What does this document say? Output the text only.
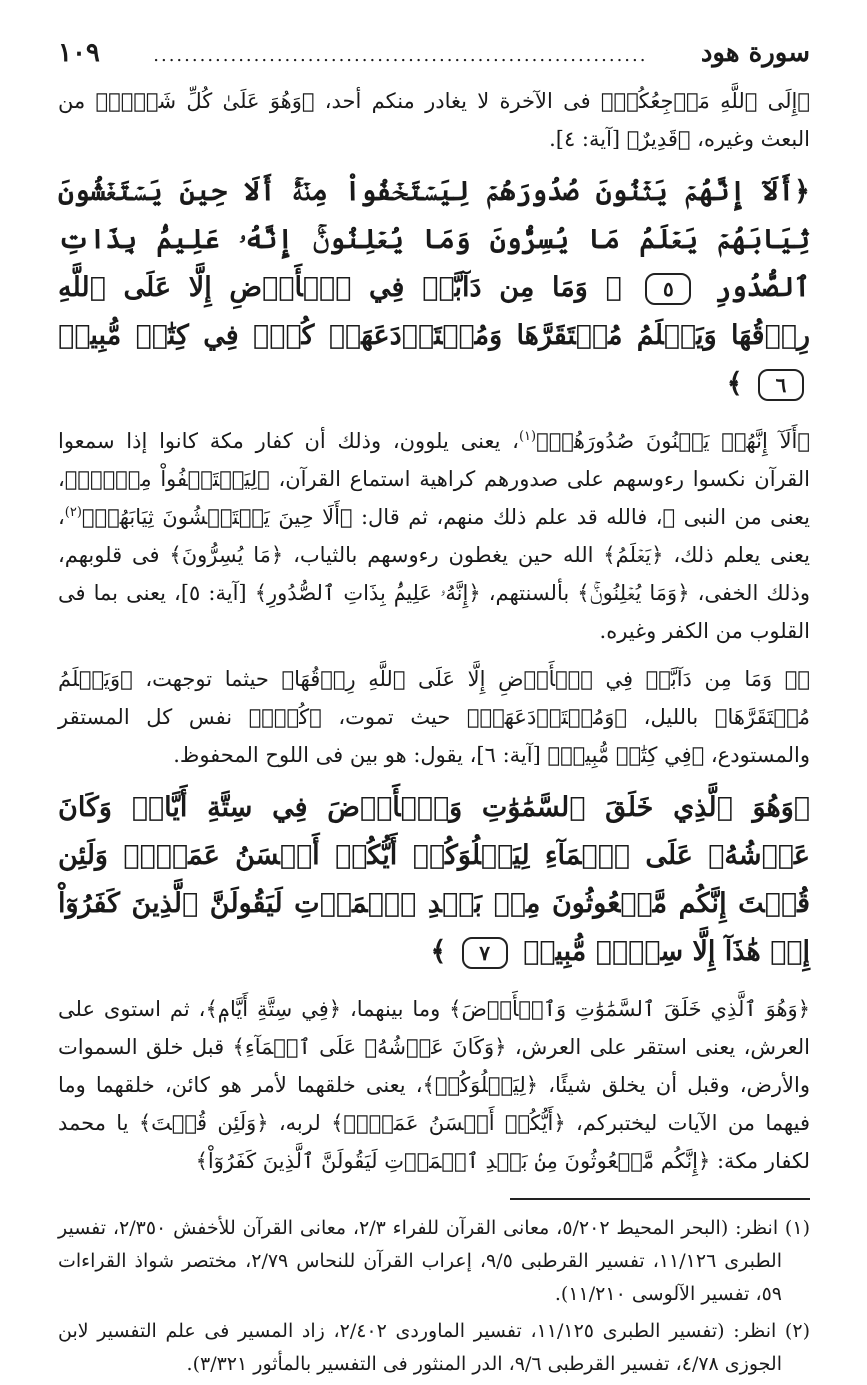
سورة هود
................................................................
١٠٩

﴿إِلَى ٱللَّهِ مَرۡجِعُكُمۡ﴾ فى الآخرة لا يغادر منكم أحد، ﴿وَهُوَ عَلَىٰ كُلِّ شَيۡءٖ﴾ من البعث وغيره، ﴿قَدِيرٌ﴾ [آية: ٤].

﴿أَلَآ إِنَّهُمۡ يَثۡنُونَ صُدُورَهُمۡ لِيَسۡتَخۡفُواْ مِنۡهُۚ أَلَا حِينَ يَسۡتَغۡشُونَ ثِيَابَهُمۡ يَعۡلَمُ مَا يُسِرُّونَ وَمَا يُعۡلِنُونَۚ إِنَّهُۥ عَلِيمُۢ بِذَاتِ ٱلصُّدُورِ ٥ ۞ وَمَا مِن دَآبَّةٖ فِي ٱلۡأَرۡضِ إِلَّا عَلَى ٱللَّهِ رِزۡقُهَا وَيَعۡلَمُ مُسۡتَقَرَّهَا وَمُسۡتَوۡدَعَهَاۚ كُلّٞ فِي كِتَٰبٖ مُّبِينٖ ٦ ﴾

﴿أَلَآ إِنَّهُمۡ يَثۡنُونَ صُدُورَهُمۡ﴾$^{(١)}$، يعنى يلوون، وذلك أن كفار مكة كانوا إذا سمعوا القرآن نكسوا رءوسهم على صدورهم كراهية استماع القرآن، ﴿لِيَسۡتَخۡفُواْ مِنۡهُۚ﴾، يعنى من النبى ﷺ، فالله قد علم ذلك منهم، ثم قال: ﴿أَلَا حِينَ يَسۡتَغۡشُونَ ثِيَابَهُمۡ﴾$^{(٢)}$، يعنى يعلم ذلك، ﴿يَعۡلَمُ﴾ الله حين يغطون رءوسهم بالثياب، ﴿مَا يُسِرُّونَ﴾ فى قلوبهم، وذلك الخفى، ﴿وَمَا يُعۡلِنُونَۚ﴾ بألسنتهم، ﴿إِنَّهُۥ عَلِيمُۢ بِذَاتِ ٱلصُّدُورِ﴾ [آية: ٥]، يعنى بما فى القلوب من الكفر وغيره.

﴿۞ وَمَا مِن دَآبَّةٖ فِي ٱلۡأَرۡضِ إِلَّا عَلَى ٱللَّهِ رِزۡقُهَا﴾ حيثما توجهت، ﴿وَيَعۡلَمُ مُسۡتَقَرَّهَا﴾ بالليل، ﴿وَمُسۡتَوۡدَعَهَاۚ﴾ حيث تموت، ﴿كُلّٞ﴾ نفس كل المستقر والمستودع، ﴿فِي كِتَٰبٖ مُّبِينٖ﴾ [آية: ٦]، يقول: هو بين فى اللوح المحفوظ.

﴿وَهُوَ ٱلَّذِي خَلَقَ ٱلسَّمَٰوَٰتِ وَٱلۡأَرۡضَ فِي سِتَّةِ أَيَّامٖ وَكَانَ عَرۡشُهُۥ عَلَى ٱلۡمَآءِ لِيَبۡلُوَكُمۡ أَيُّكُمۡ أَحۡسَنُ عَمَلٗاۗ وَلَئِن قُلۡتَ إِنَّكُم مَّبۡعُوثُونَ مِنۢ بَعۡدِ ٱلۡمَوۡتِ لَيَقُولَنَّ ٱلَّذِينَ كَفَرُوٓاْ إِنۡ هَٰذَآ إِلَّا سِحۡرٞ مُّبِينٞ ٧ ﴾

﴿وَهُوَ ٱلَّذِي خَلَقَ ٱلسَّمَٰوَٰتِ وَٱلۡأَرۡضَ﴾ وما بينهما، ﴿فِي سِتَّةِ أَيَّامٖ﴾، ثم استوى على العرش، يعنى استقر على العرش، ﴿وَكَانَ عَرۡشُهُۥ عَلَى ٱلۡمَآءِ﴾ قبل خلق السموات والأرض، وقبل أن يخلق شيئًا، ﴿لِيَبۡلُوَكُمۡ﴾، يعنى خلقهما لأمر هو كائن، خلقهما وما فيهما من الآيات ليختبركم، ﴿أَيُّكُمۡ أَحۡسَنُ عَمَلٗاۗ﴾ لربه، ﴿وَلَئِن قُلۡتَ﴾ يا محمد لكفار مكة: ﴿إِنَّكُم مَّبۡعُوثُونَ مِنۢ بَعۡدِ ٱلۡمَوۡتِ لَيَقُولَنَّ ٱلَّذِينَ كَفَرُوٓاْ﴾

(١) انظر: (البحر المحيط ٥/٢٠٢، معانى القرآن للفراء ٢/٣، معانى القرآن للأخفش ٢/٣٥٠، تفسير الطبرى ١١/١٢٦، تفسير القرطبى ٩/٥، إعراب القرآن للنحاس ٢/٧٩، مختصر شواذ القراءات ٥٩، تفسير الآلوسى ١١/٢١٠).

(٢) انظر: (تفسير الطبرى ١١/١٢٥، تفسير الماوردى ٢/٤٠٢، زاد المسير فى علم التفسير لابن الجوزى ٤/٧٨، تفسير القرطبى ٩/٦، الدر المنثور فى التفسير بالمأثور ٣/٣٢١).
